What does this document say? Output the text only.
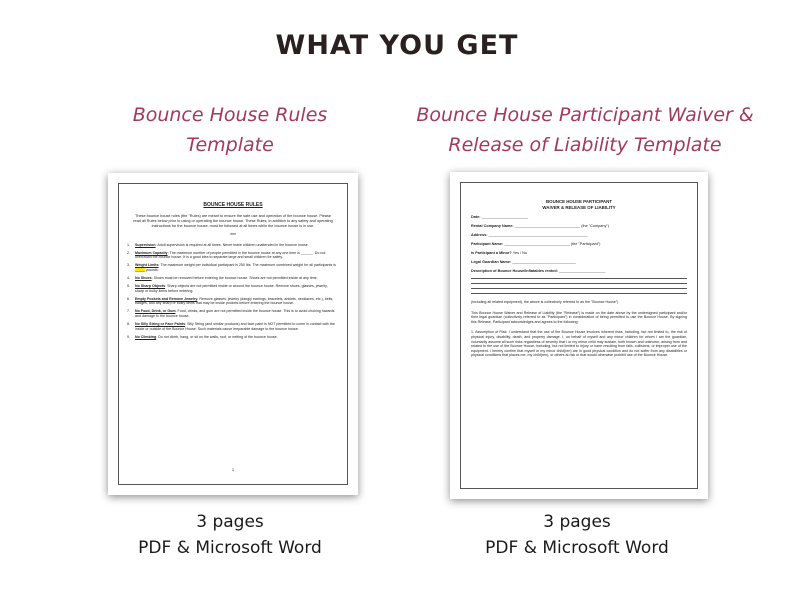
WHAT YOU GET
Bounce House Rules
Template
Bounce House Participant Waiver &
Release of Liability Template
BOUNCE HOUSE RULES
These bounce house rules (the "Rules) are meant to ensure the safe use and operation of the bounce house. Please read all Rules below prior to using or operating the bounce house. These Rules, in addition to any safety and operating instructions for the bounce house, must be followed at all times while the bounce house is in use.
***
1.	Supervision: Adult supervision is required at all times. Never leave children unattended in the bounce house.
2.	Maximum Capacity: The maximum number of people permitted in the bounce house at any one time is ______. Do not overcrowd the bounce house. It is a good idea to separate large and small children for safety.
3.	Weight Limits: The maximum weight per individual participant is 250 lbs. The maximum combined weight for all participants is _____ pounds.
4.	No Shoes: Shoes must be removed before entering the bounce house. Shoes are not permitted inside at any time.
5.	No Sharp Objects: Sharp objects are not permitted inside or around the bounce house. Remove shoes, glasses, jewelry, sharp or bulky items before entering.
6.	Empty Pockets and Remove Jewelry: Remove glasses, jewelry (dangly earrings, bracelets, anklets, necklaces, etc.), belts, badges, and any sharp or bulky items that may be inside pockets before entering the bounce house.
7.	No Food, Drink, or Gum: Food, drinks, and gum are not permitted inside the bounce house. This is to avoid choking hazards and damage to the bounce house.
8.	No Silly String or Face Paints: Silly String (and similar products) and face paint is NOT permitted to come in contact with the inside or outside of the Bounce House. Such materials cause irreparable damage to the bounce house.
9.	No Climbing: Do not climb, hang, or sit on the walls, roof, or netting of the bounce house.
1
BOUNCE HOUSE PARTICIPANT
WAIVER & RELEASE OF LIABILITY
Date: ______________________
Rental Company Name: _______________________________ (the "Company")
Address: _______________________________________________
Participant Name: _______________________________ (the "Participant")
Is Participant a Minor? Yes / No
Legal Guardian Name: ______________________________
Description of Bounce House/Inflatables rented: ______________________
(including all related equipment), the above is collectively referred to as the "Bounce House")
This Bounce House Waiver and Release of Liability (the "Release") is made on the date above by the undersigned participant and/or their legal guardian (collectively referred to as "Participant") in consideration of being permitted to use the Bounce House. By signing this Release, Participant acknowledges and agrees to the following:
1. Assumption of Risk: I understand that the use of the Bounce House involves inherent risks, including, but not limited to, the risk of physical injury, disability, death, and property damage. I, on behalf of myself and any minor children for whom I am the guardian, voluntarily assume all such risks regardless of severity that I or my minor child may sustain, both known and unknown, arising from and related to the use of the Bounce House, including, but not limited to injury or harm resulting from falls, collisions, or improper use of the equipment. I hereby confirm that myself or my minor child(ren) are in good physical condition and do not suffer from any disabilities or physical conditions that places me, my child(ren), or others at risk or that would otherwise prohibit use of the Bounce House.
3 pages
PDF & Microsoft Word
3 pages
PDF & Microsoft Word
